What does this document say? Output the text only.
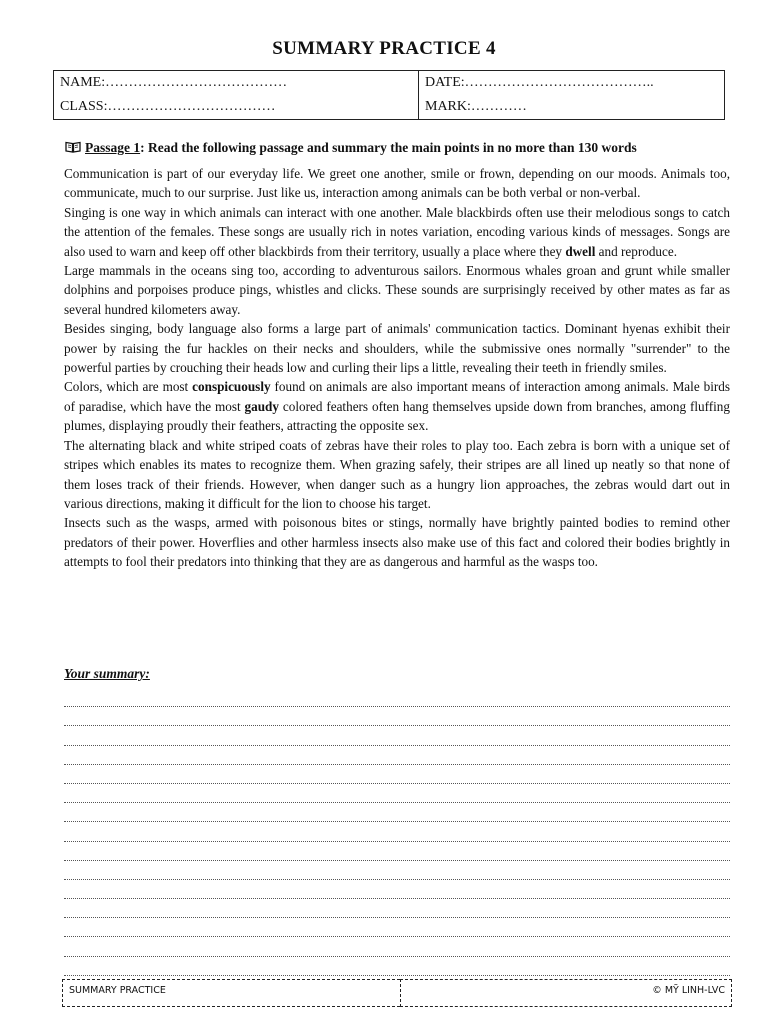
SUMMARY PRACTICE 4
NAME:…………………………………	DATE:…………………………………..
CLASS:………………………………	MARK:…………
Passage 1: Read the following passage and summary the main points in no more than 130 words

Communication is part of our everyday life. We greet one another, smile or frown, depending on our moods. Animals too, communicate, much to our surprise. Just like us, interaction among animals can be both verbal or non-verbal.

Singing is one way in which animals can interact with one another. Male blackbirds often use their melodious songs to catch the attention of the females. These songs are usually rich in notes variation, encoding various kinds of messages. Songs are also used to warn and keep off other blackbirds from their territory, usually a place where they dwell and reproduce.

Large mammals in the oceans sing too, according to adventurous sailors. Enormous whales groan and grunt while smaller dolphins and porpoises produce pings, whistles and clicks. These sounds are surprisingly received by other mates as far as several hundred kilometers away.

Besides singing, body language also forms a large part of animals' communication tactics. Dominant hyenas exhibit their power by raising the fur hackles on their necks and shoulders, while the submissive ones normally "surrender" to the powerful parties by crouching their heads low and curling their lips a little, revealing their teeth in friendly smiles.

Colors, which are most conspicuously found on animals are also important means of interaction among animals. Male birds of paradise, which have the most gaudy colored feathers often hang themselves upside down from branches, among fluffing plumes, displaying proudly their feathers, attracting the opposite sex.

The alternating black and white striped coats of zebras have their roles to play too. Each zebra is born with a unique set of stripes which enables its mates to recognize them. When grazing safely, their stripes are all lined up neatly so that none of them loses track of their friends. However, when danger such as a hungry lion approaches, the zebras would dart out in various directions, making it difficult for the lion to choose his target.

Insects such as the wasps, armed with poisonous bites or stings, normally have brightly painted bodies to remind other predators of their power. Hoverflies and other harmless insects also make use of this fact and colored their bodies brightly in attempts to fool their predators into thinking that they are as dangerous and harmful as the wasps too.

Your summary:
SUMMARY PRACTICE	© MỸ LINH-LVC
